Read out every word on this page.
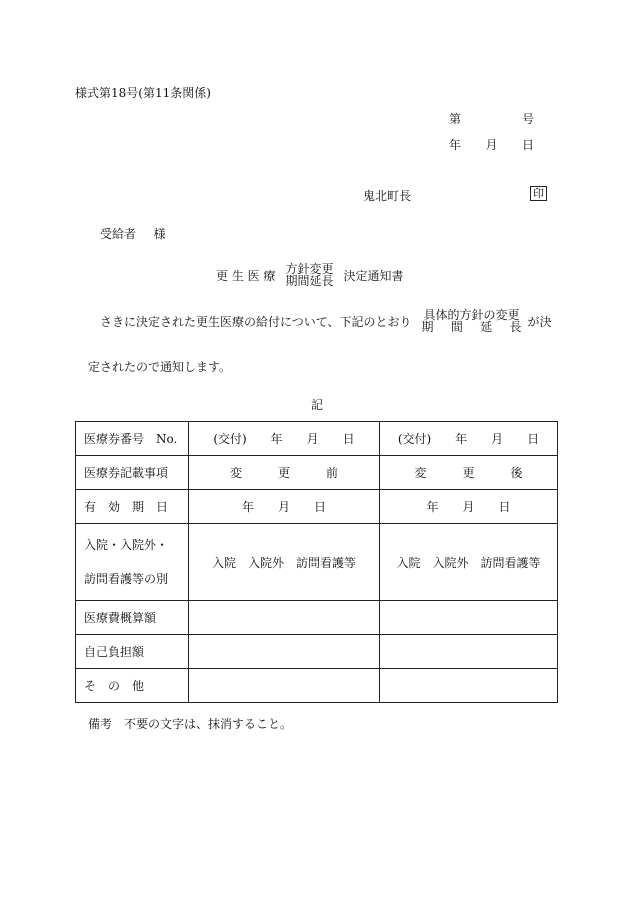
様式第18号(第11条関係)
第	号
年 月 日
鬼北町長	印
受給者 様
更 生 医 療 方針変更
期間延長 決定通知書
さきに決定された更生医療の給付について、下記のとおり 具体的方針の変更
期 間 延 長 が決
定されたので通知します。
記
医療券番号　No.	(交付)　　年　　月　　日	(交付)　　年　　月　　日
医療券記載事項	変　　　更　　　前	変　　　更　　　後
有　効　期　日	年　　月　　日	年　　月　　日

入院・入院外・
訪問看護等の別	入院　入院外　訪問看護等	入院　入院外　訪問看護等
医療費概算額		
自己負担額		
そ　の　他		
備考　不要の文字は、抹消すること。
